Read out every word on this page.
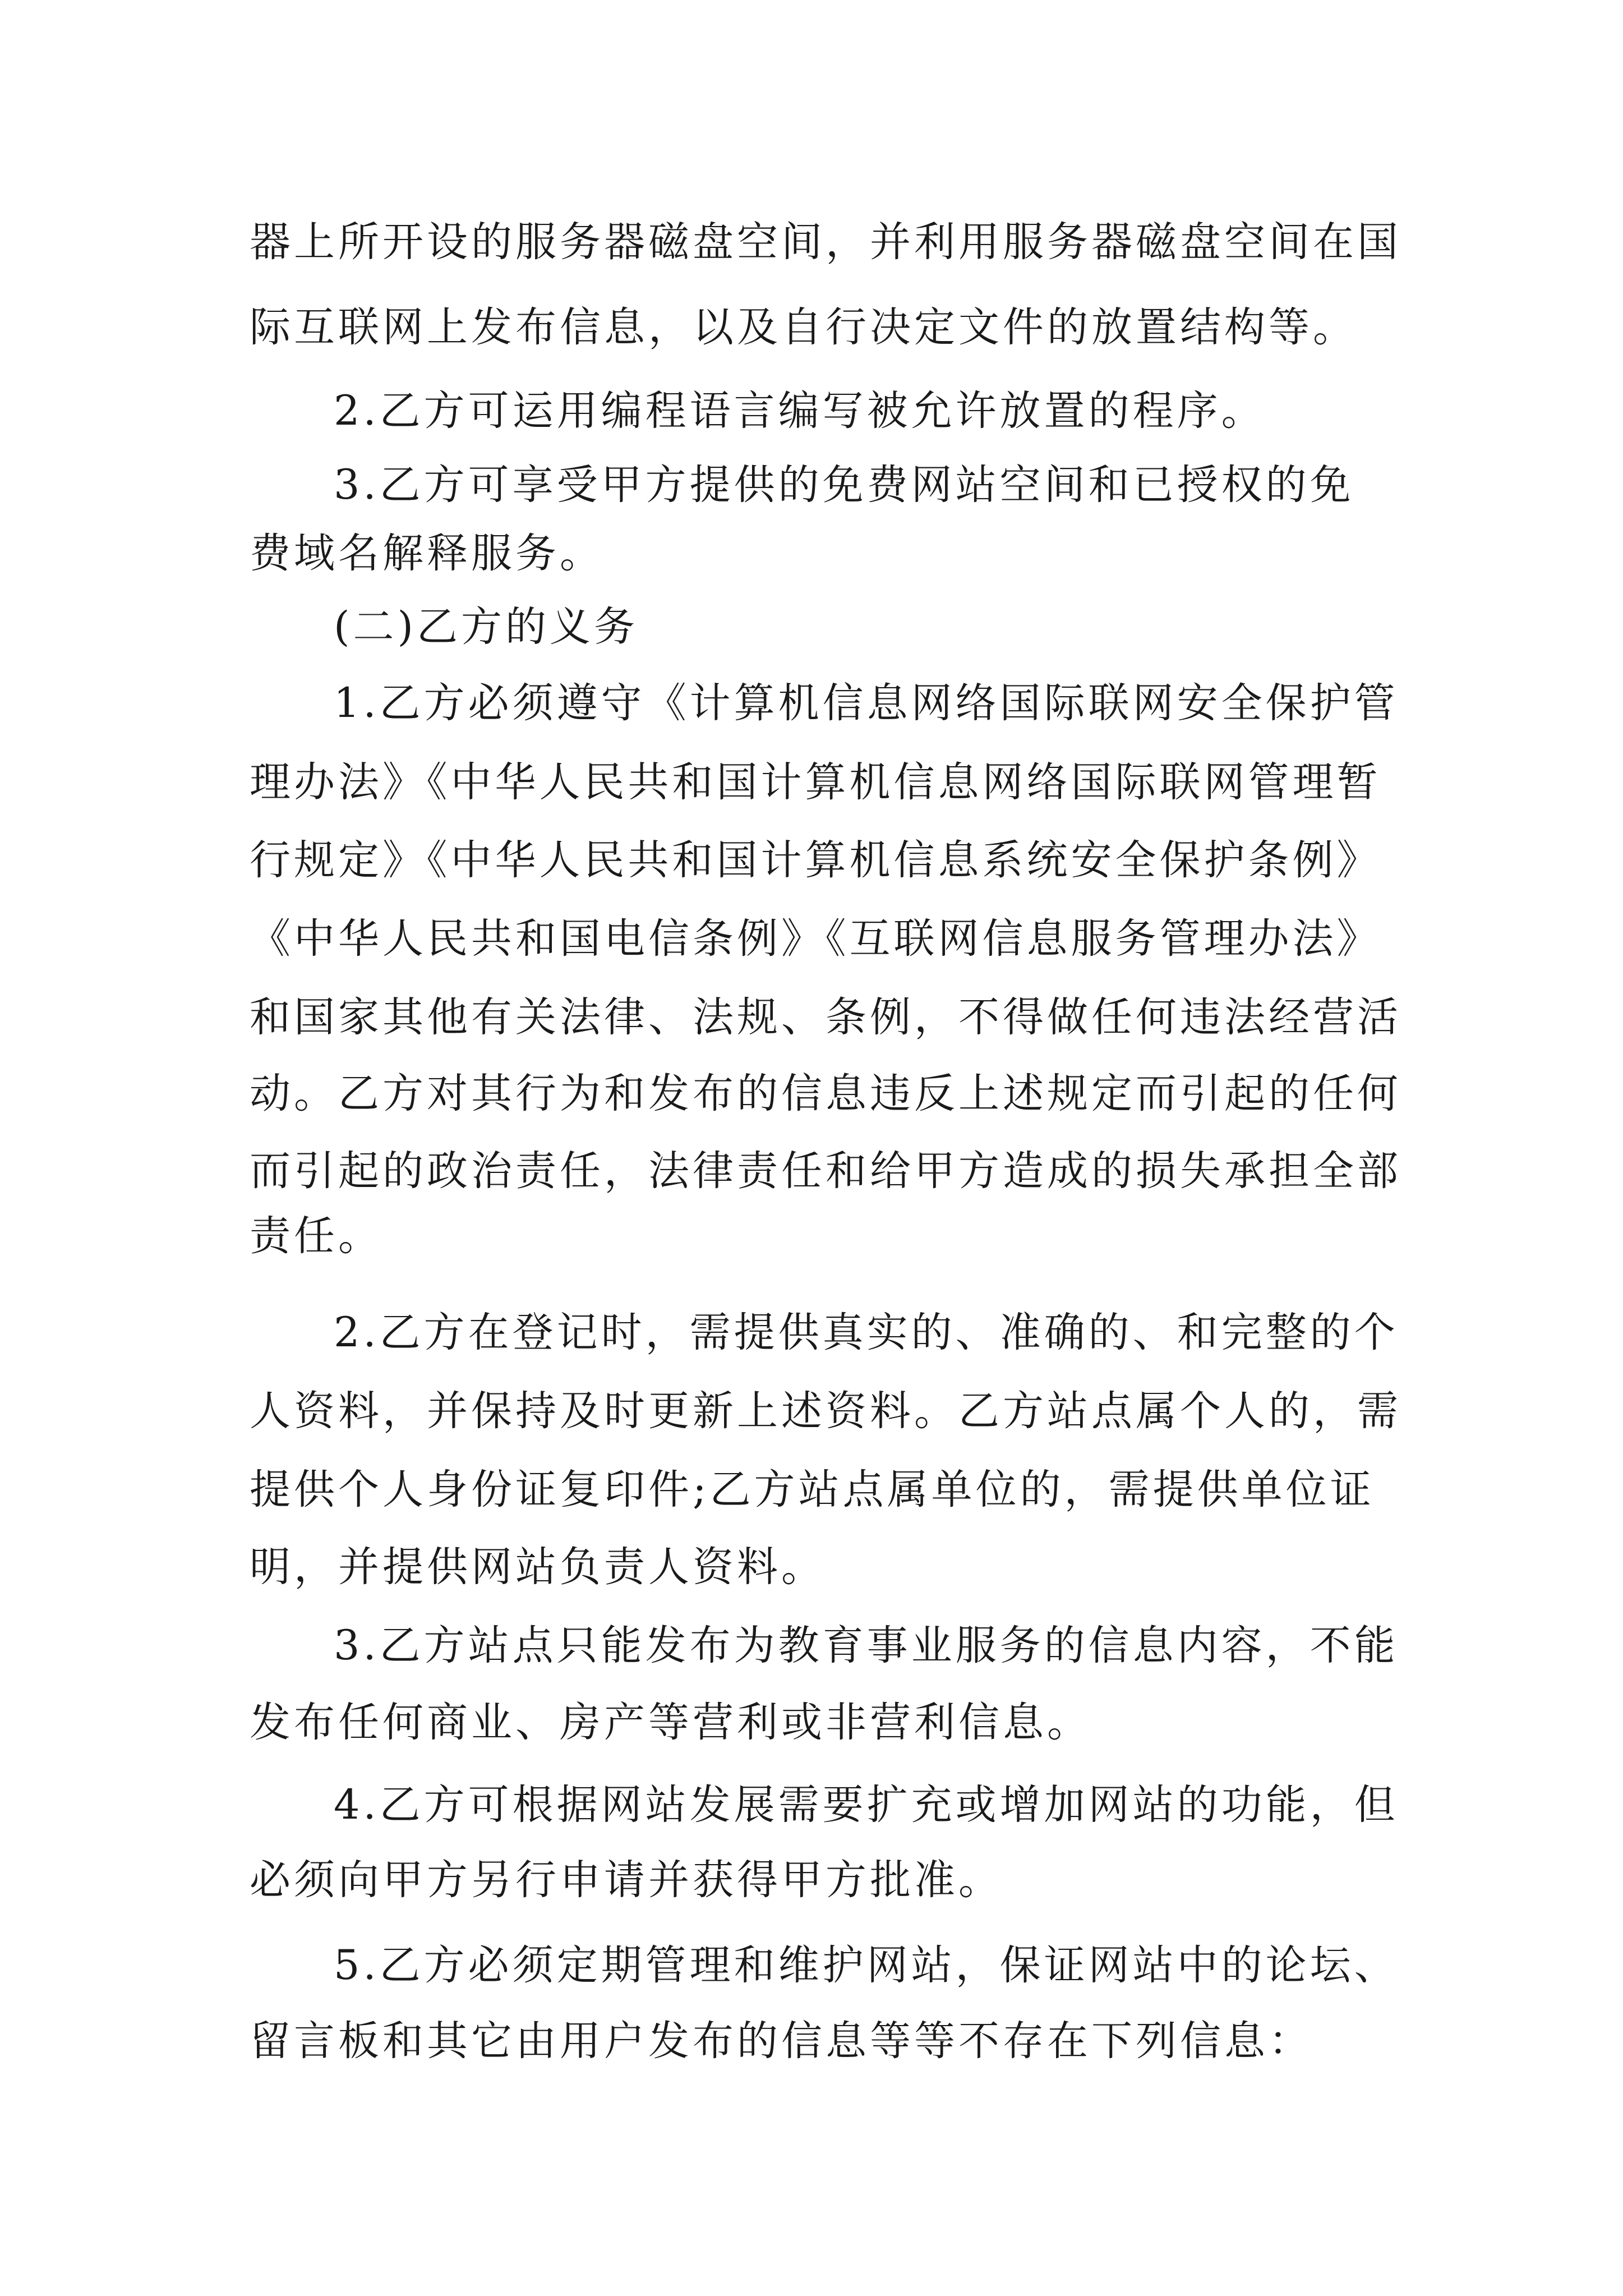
器上所开设的服务器磁盘空间，并利用服务器磁盘空间在国
际互联网上发布信息，以及自行决定文件的放置结构等。
2.乙方可运用编程语言编写被允许放置的程序。
3.乙方可享受甲方提供的免费网站空间和已授权的免
费域名解释服务。
(二)乙方的义务
1.乙方必须遵守《计算机信息网络国际联网安全保护管
理办法》《中华人民共和国计算机信息网络国际联网管理暂
行规定》《中华人民共和国计算机信息系统安全保护条例》
《中华人民共和国电信条例》《互联网信息服务管理办法》
和国家其他有关法律、法规、条例，不得做任何违法经营活
动。乙方对其行为和发布的信息违反上述规定而引起的任何
而引起的政治责任，法律责任和给甲方造成的损失承担全部
责任。
2.乙方在登记时，需提供真实的、准确的、和完整的个
人资料，并保持及时更新上述资料。乙方站点属个人的，需
提供个人身份证复印件;乙方站点属单位的，需提供单位证
明，并提供网站负责人资料。
3.乙方站点只能发布为教育事业服务的信息内容，不能
发布任何商业、房产等营利或非营利信息。
4.乙方可根据网站发展需要扩充或增加网站的功能，但
必须向甲方另行申请并获得甲方批准。
5.乙方必须定期管理和维护网站，保证网站中的论坛、
留言板和其它由用户发布的信息等等不存在下列信息：
